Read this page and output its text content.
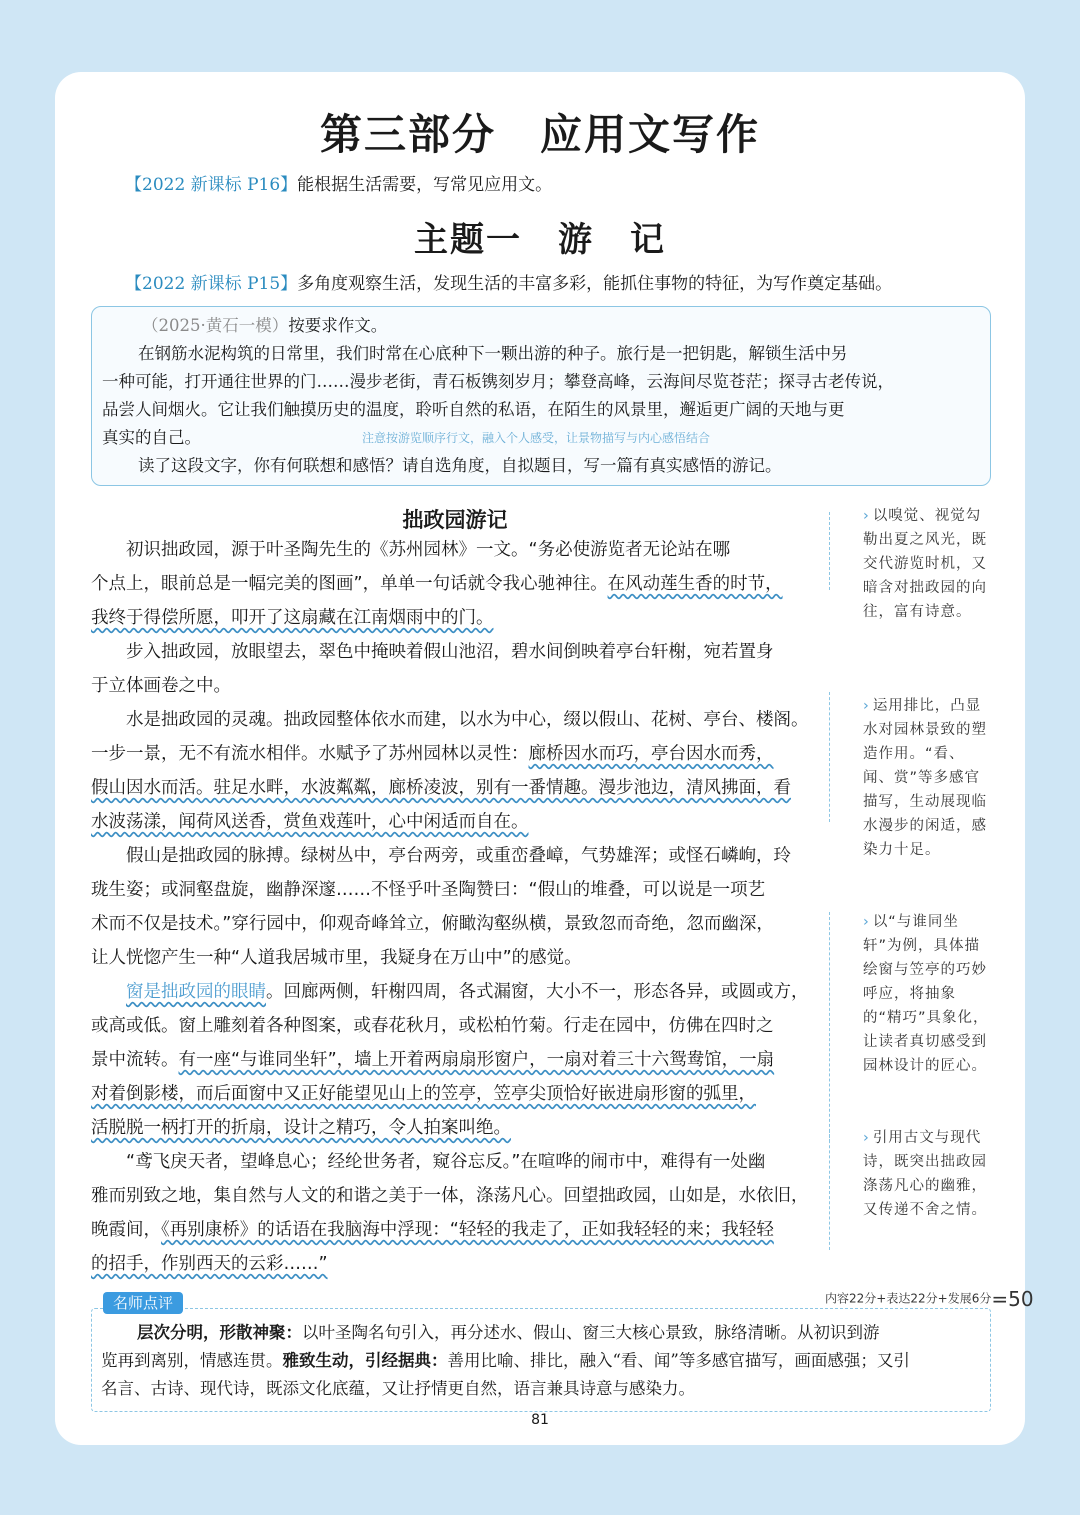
第三部分　应用文写作
【2022 新课标 P16】能根据生活需要，写常见应用文。
主题一　游　记
【2022 新课标 P15】多角度观察生活，发现生活的丰富多彩，能抓住事物的特征，为写作奠定基础。
（2025·黄石一模）按要求作文。
在钢筋水泥构筑的日常里，我们时常在心底种下一颗出游的种子。旅行是一把钥匙，解锁生活中另
一种可能，打开通往世界的门……漫步老街，青石板镌刻岁月；攀登高峰，云海间尽览苍茫；探寻古老传说，
品尝人间烟火。它让我们触摸历史的温度，聆听自然的私语，在陌生的风景里，邂逅更广阔的天地与更
真实的自己。	注意按游览顺序行文，融入个人感受，让景物描写与内心感悟结合
读了这段文字，你有何联想和感悟？请自选角度，自拟题目，写一篇有真实感悟的游记。
拙政园游记
　　初识拙政园，源于叶圣陶先生的《苏州园林》一文。“务必使游览者无论站在哪
个点上，眼前总是一幅完美的图画”，单单一句话就令我心驰神往。在风动莲生香的时节，
我终于得偿所愿，叩开了这扇藏在江南烟雨中的门。
　　步入拙政园，放眼望去，翠色中掩映着假山池沼，碧水间倒映着亭台轩榭，宛若置身
于立体画卷之中。
　　水是拙政园的灵魂。拙政园整体依水而建，以水为中心，缀以假山、花树、亭台、楼阁。
一步一景，无不有流水相伴。水赋予了苏州园林以灵性：廊桥因水而巧，亭台因水而秀，
假山因水而活。驻足水畔，水波粼粼，廊桥凌波，别有一番情趣。漫步池边，清风拂面，看
水波荡漾，闻荷风送香，赏鱼戏莲叶，心中闲适而自在。
　　假山是拙政园的脉搏。绿树丛中，亭台两旁，或重峦叠嶂，气势雄浑；或怪石嶙峋，玲
珑生姿；或洞壑盘旋，幽静深邃……不怪乎叶圣陶赞曰：“假山的堆叠，可以说是一项艺
术而不仅是技术。”穿行园中，仰观奇峰耸立，俯瞰沟壑纵横，景致忽而奇绝，忽而幽深，
让人恍惚产生一种“人道我居城市里，我疑身在万山中”的感觉。
窗是拙政园的眼睛。回廊两侧，轩榭四周，各式漏窗，大小不一，形态各异，或圆或方，
或高或低。窗上雕刻着各种图案，或春花秋月，或松柏竹菊。行走在园中，仿佛在四时之
景中流转。有一座“与谁同坐轩”，墙上开着两扇扇形窗户，一扇对着三十六鸳鸯馆，一扇
对着倒影楼，而后面窗中又正好能望见山上的笠亭，笠亭尖顶恰好嵌进扇形窗的弧里，
活脱脱一柄打开的折扇，设计之精巧，令人拍案叫绝。
　　“鸢飞戾天者，望峰息心；经纶世务者，窥谷忘反。”在喧哗的闹市中，难得有一处幽
雅而别致之地，集自然与人文的和谐之美于一体，涤荡凡心。回望拙政园，山如是，水依旧，
晚霞间，《再别康桥》的话语在我脑海中浮现：“轻轻的我走了，正如我轻轻的来；我轻轻
的招手，作别西天的云彩……”
› 以嗅觉、视觉勾勒出夏之风光，既交代游览时机，又暗含对拙政园的向往，富有诗意。
› 运用排比，凸显水对园林景致的塑造作用。“看、闻、赏”等多感官描写，生动展现临水漫步的闲适，感染力十足。
› 以“与谁同坐轩”为例，具体描绘窗与笠亭的巧妙呼应，将抽象的“精巧”具象化，让读者真切感受到园林设计的匠心。
› 引用古文与现代诗，既突出拙政园涤荡凡心的幽雅，又传递不舍之情。
内容22分+表达22分+发展6分=50
名师点评
层次分明，形散神聚：以叶圣陶名句引入，再分述水、假山、窗三大核心景致，脉络清晰。从初识到游
览再到离别，情感连贯。雅致生动，引经据典：善用比喻、排比，融入“看、闻”等多感官描写，画面感强；又引
名言、古诗、现代诗，既添文化底蕴，又让抒情更自然，语言兼具诗意与感染力。
81
